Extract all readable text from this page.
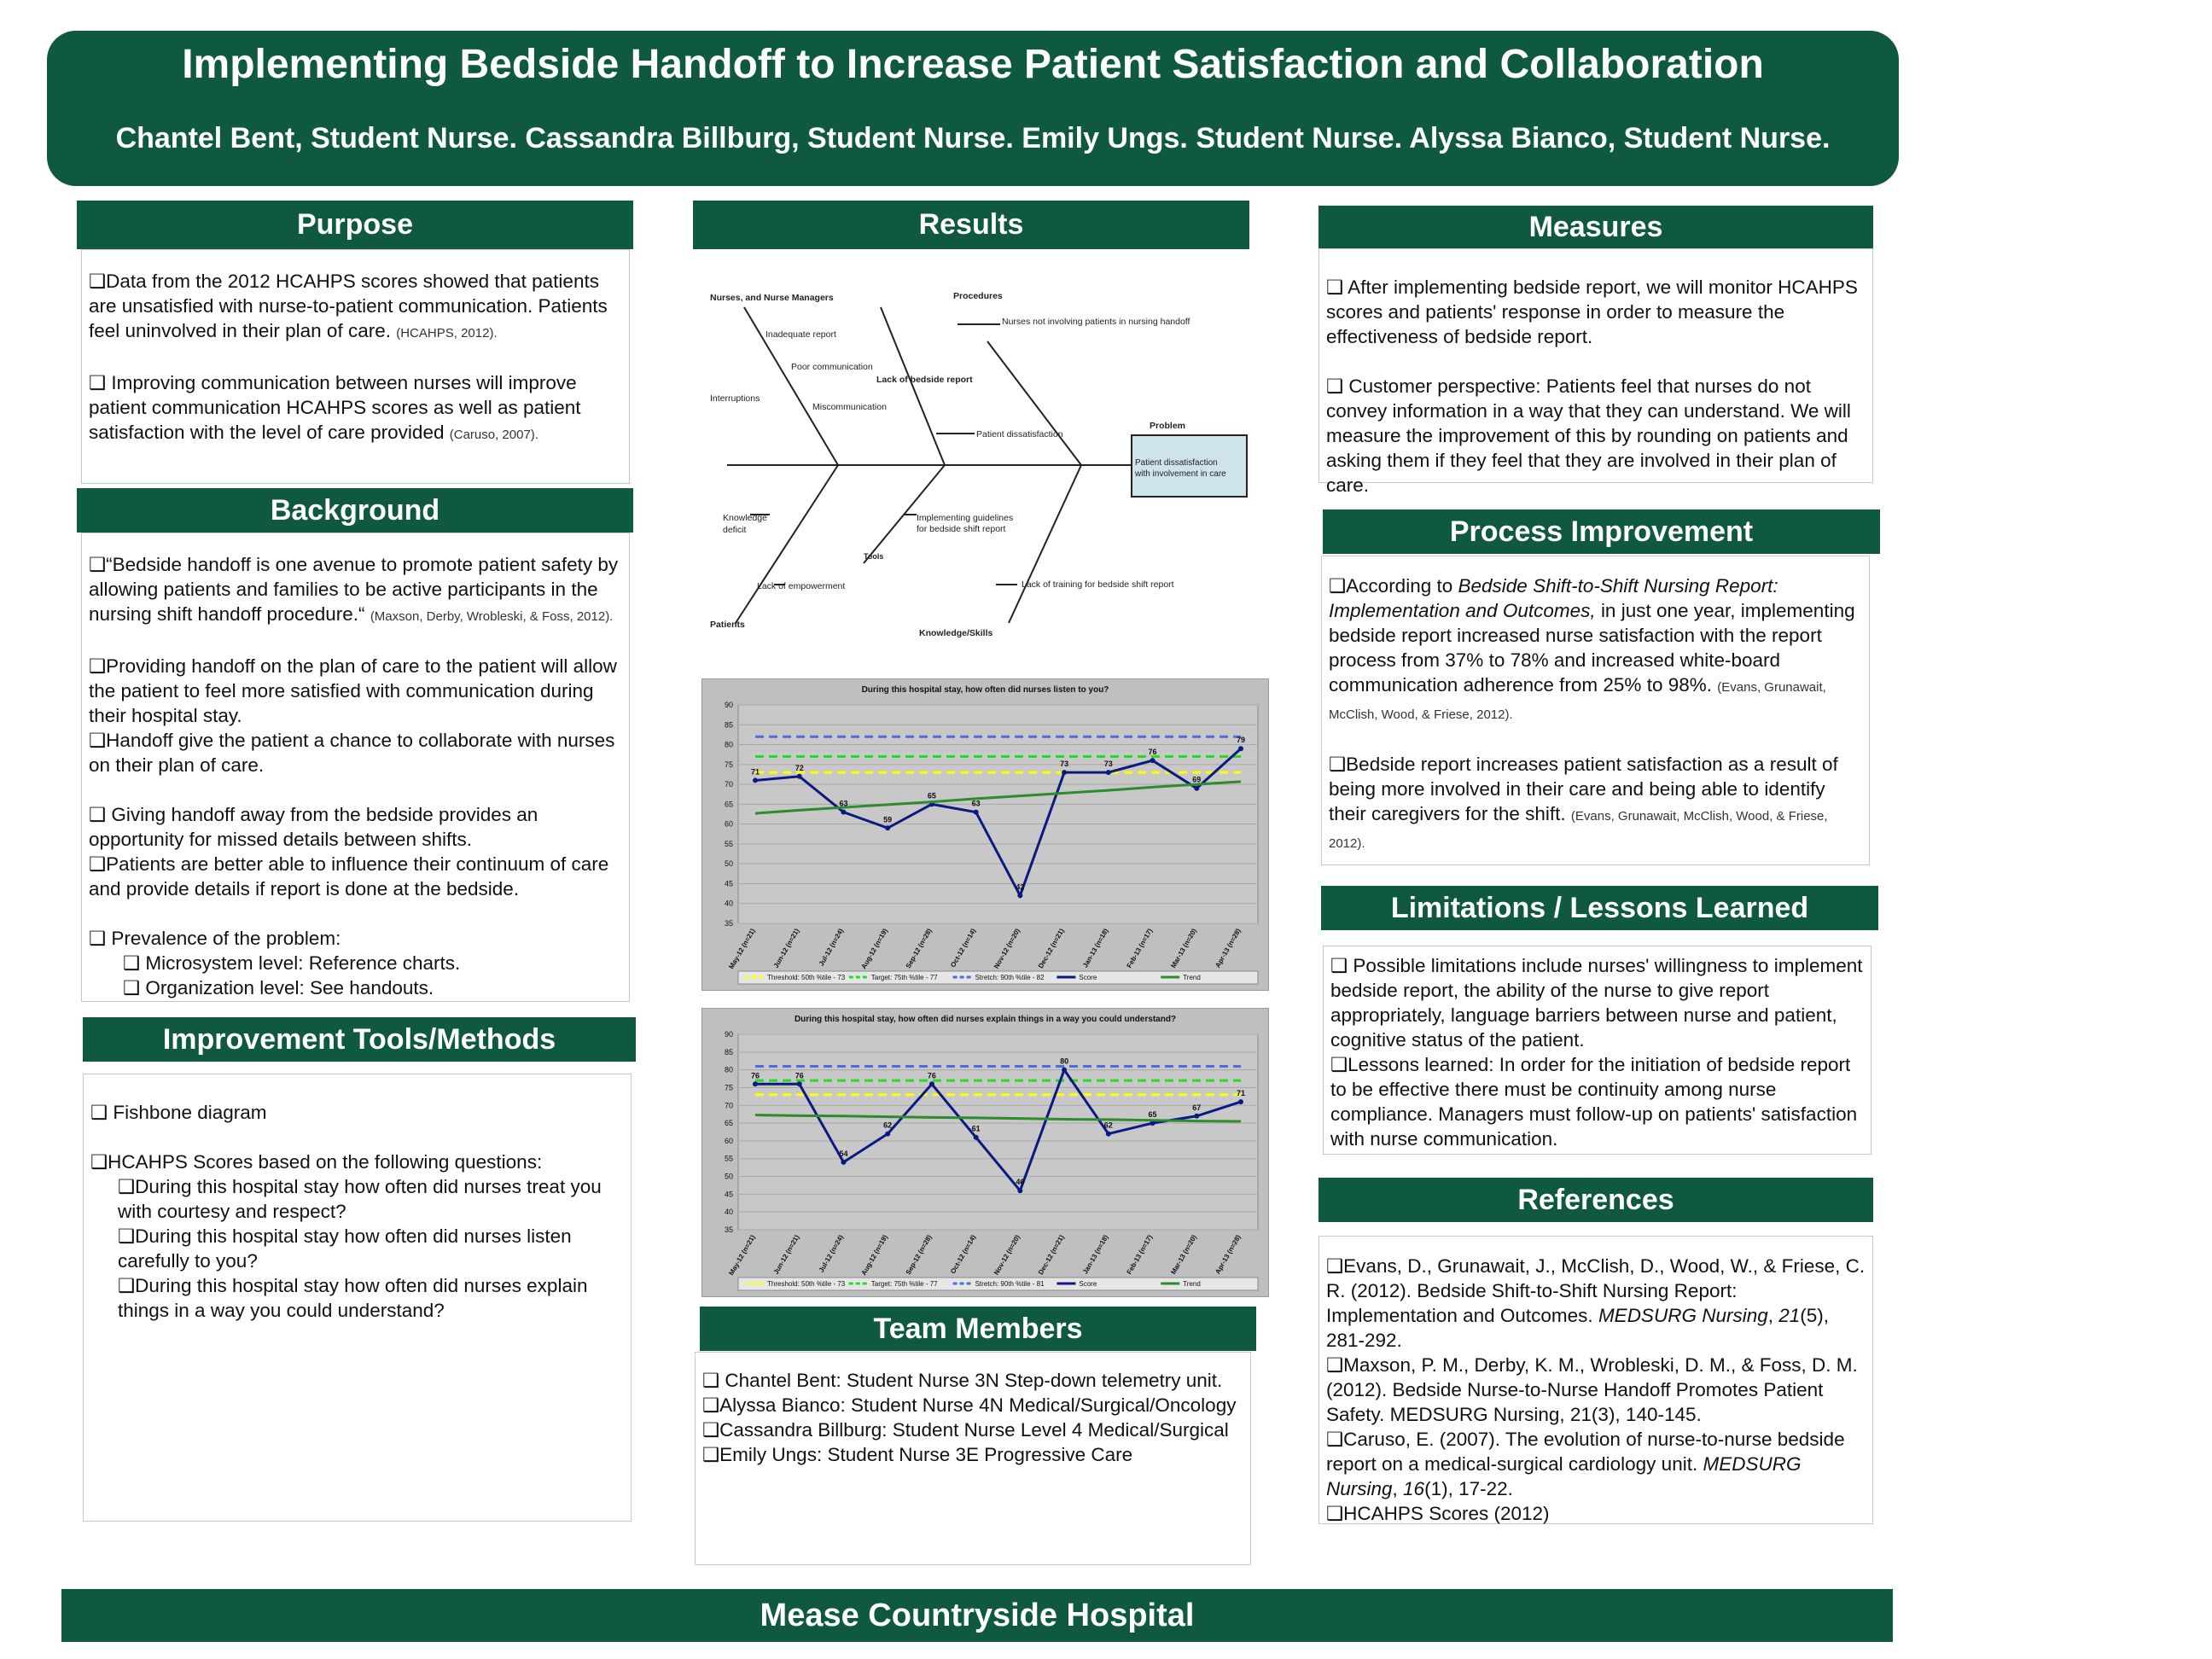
Implementing Bedside Handoff to Increase Patient Satisfaction and Collaboration
Chantel Bent, Student Nurse. Cassandra Billburg, Student Nurse. Emily Ungs. Student Nurse. Alyssa Bianco, Student Nurse.
Purpose

❑Data from the 2012 HCAHPS scores showed that patients are unsatisfied with nurse-to-patient communication. Patients feel uninvolved in their plan of care. (HCAHPS, 2012).

❑ Improving communication between nurses will improve patient communication HCAHPS scores as well as patient satisfaction with the level of care provided (Caruso, 2007).

Background

❑“Bedside handoff is one avenue to promote patient safety by allowing patients and families to be active participants in the nursing shift handoff procedure.“ (Maxson, Derby, Wrobleski, & Foss, 2012).

❑Providing handoff on the plan of care to the patient will allow the patient to feel more satisfied with communication during their hospital stay.

❑Handoff give the patient a chance to collaborate with nurses on their plan of care.

❑ Giving handoff away from the bedside provides an opportunity for missed details between shifts.

❑Patients are better able to influence their continuum of care and provide details if report is done at the bedside.

❑ Prevalence of the problem:

❑ Microsystem level: Reference charts.

❑ Organization level: See handouts.

Improvement Tools/Methods

❑ Fishbone diagram

❑HCAHPS Scores based on the following questions:

❑During this hospital stay how often did nurses treat you with courtesy and respect?

❑During this hospital stay how often did nurses listen carefully to you?

❑During this hospital stay how often did nurses explain things in a way you could understand?

Results
Nurses, and Nurse Managers	Procedures
Lack of bedside report
Problem
Patient dissatisfaction
with involvement in care
Inadequate report
Poor communication
Interruptions
Miscommunication
Nurses not involving patients in nursing handoff
Patient dissatisfaction
Knowledge
deficit
Lack of empowerment
Patients
Tools
Implementing guidelines
for bedside shift report
Lack of training for bedside shift report
Knowledge/Skills
During this hospital stay, how often did nurses listen to you?
35
40
45
50
55
60
65
70
75
80
85
90
May-12 (n=21) Jun-12 (n=21) Jul-12 (n=24) Aug-12 (n=19) Sep-12 (n=28) Oct-12 (n=14) Nov-12 (n=20) Dec-12 (n=21) Jan-13 (n=18) Feb-13 (n=17) Mar-13 (n=20) Apr-13 (n=28)
71	72
63
59
65
63
42
73	73
76
69
79
Threshold: 50th %tile - 73	Target: 75th %tile - 77	Stretch: 90th %tile - 82	Score	Trend
During this hospital stay, how often did nurses explain things in a way you could understand?
35
40
45
50
55
60
65
70
75
80
85
90
May-12 (n=21) Jun-12 (n=21) Jul-12 (n=24) Aug-12 (n=19) Sep-12 (n=28) Oct-12 (n=14) Nov-12 (n=20) Dec-12 (n=21) Jan-13 (n=18) Feb-13 (n=17) Mar-13 (n=20) Apr-13 (n=28)
76	76
54
62
76
61
46
80
62
65
67
71
Threshold: 50th %tile - 73	Target: 75th %tile - 77	Stretch: 90th %tile - 81	Score	Trend
Team Members

❑ Chantel Bent: Student Nurse 3N Step-down telemetry unit.

❑Alyssa Bianco: Student Nurse 4N Medical/Surgical/Oncology

❑Cassandra Billburg: Student Nurse Level 4 Medical/Surgical

❑Emily Ungs: Student Nurse 3E Progressive Care

Measures

❑ After implementing bedside report, we will monitor HCAHPS scores and patients' response in order to measure the effectiveness of bedside report.

❑ Customer perspective: Patients feel that nurses do not convey information in a way that they can understand. We will measure the improvement of this by rounding on patients and asking them if they feel that they are involved in their plan of care.

Process Improvement

❑According to Bedside Shift-to-Shift Nursing Report: Implementation and Outcomes, in just one year, implementing bedside report increased nurse satisfaction with the report process from 37% to 78% and increased white-board communication adherence from 25% to 98%. (Evans, Grunawait, McClish, Wood, & Friese, 2012).

❑Bedside report increases patient satisfaction as a result of being more involved in their care and being able to identify their caregivers for the shift. (Evans, Grunawait, McClish, Wood, & Friese, 2012).

Limitations / Lessons Learned

❑ Possible limitations include nurses' willingness to implement bedside report, the ability of the nurse to give report appropriately, language barriers between nurse and patient, cognitive status of the patient.

❑Lessons learned: In order for the initiation of bedside report to be effective there must be continuity among nurse compliance. Managers must follow-up on patients' satisfaction with nurse communication.

References

❑Evans, D., Grunawait, J., McClish, D., Wood, W., & Friese, C. R. (2012). Bedside Shift-to-Shift Nursing Report: Implementation and Outcomes. MEDSURG Nursing, 21(5), 281-292.

❑Maxson, P. M., Derby, K. M., Wrobleski, D. M., & Foss, D. M. (2012). Bedside Nurse-to-Nurse Handoff Promotes Patient Safety. MEDSURG Nursing, 21(3), 140-145.

❑Caruso, E. (2007). The evolution of nurse-to-nurse bedside report on a medical-surgical cardiology unit. MEDSURG Nursing, 16(1), 17-22.

❑HCAHPS Scores (2012)

Mease Countryside Hospital
